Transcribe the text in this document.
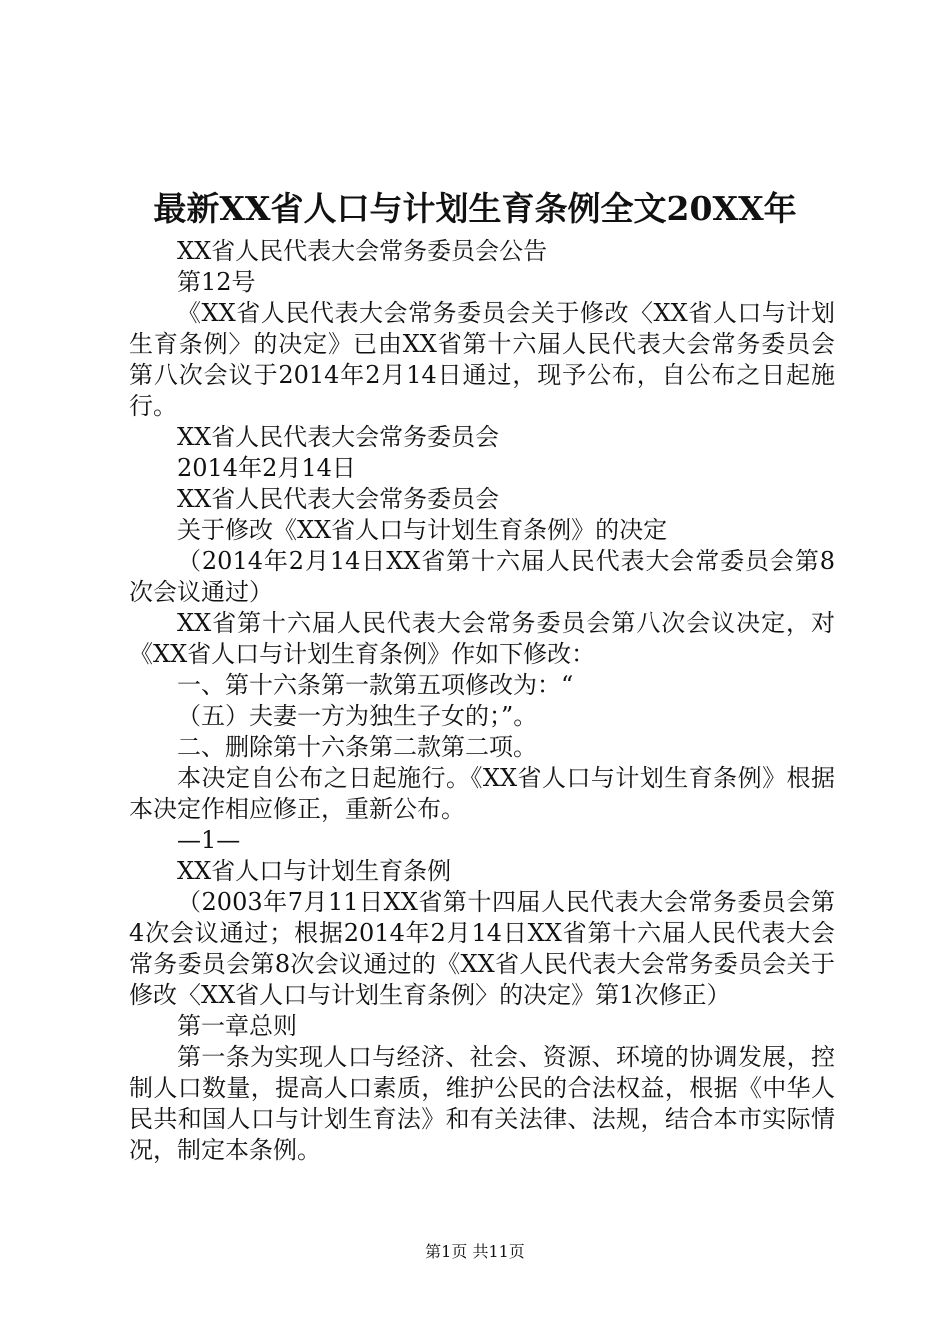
最新XX省人口与计划生育条例全文20XX年

XX省人民代表大会常务委员会公告

第12号

《XX省人民代表大会常务委员会关于修改〈XX省人口与计划生育条例〉的决定》已由XX省第十六届人民代表大会常务委员会第八次会议于2014年2月14日通过，现予公布，自公布之日起施行。

XX省人民代表大会常务委员会

2014年2月14日

XX省人民代表大会常务委员会

关于修改《XX省人口与计划生育条例》的决定

（2014年2月14日XX省第十六届人民代表大会常委员会第8次会议通过）

XX省第十六届人民代表大会常务委员会第八次会议决定，对《XX省人口与计划生育条例》作如下修改：

一、第十六条第一款第五项修改为：“

（五）夫妻一方为独生子女的；”。

二、删除第十六条第二款第二项。

本决定自公布之日起施行。《XX省人口与计划生育条例》根据本决定作相应修正，重新公布。

—1—

XX省人口与计划生育条例

（2003年7月11日XX省第十四届人民代表大会常务委员会第4次会议通过；根据2014年2月14日XX省第十六届人民代表大会常务委员会第8次会议通过的《XX省人民代表大会常务委员会关于修改〈XX省人口与计划生育条例〉的决定》第1次修正）

第一章总则

第一条为实现人口与经济、社会、资源、环境的协调发展，控制人口数量，提高人口素质，维护公民的合法权益，根据《中华人民共和国人口与计划生育法》和有关法律、法规，结合本市实际情况，制定本条例。

第1页 共11页
